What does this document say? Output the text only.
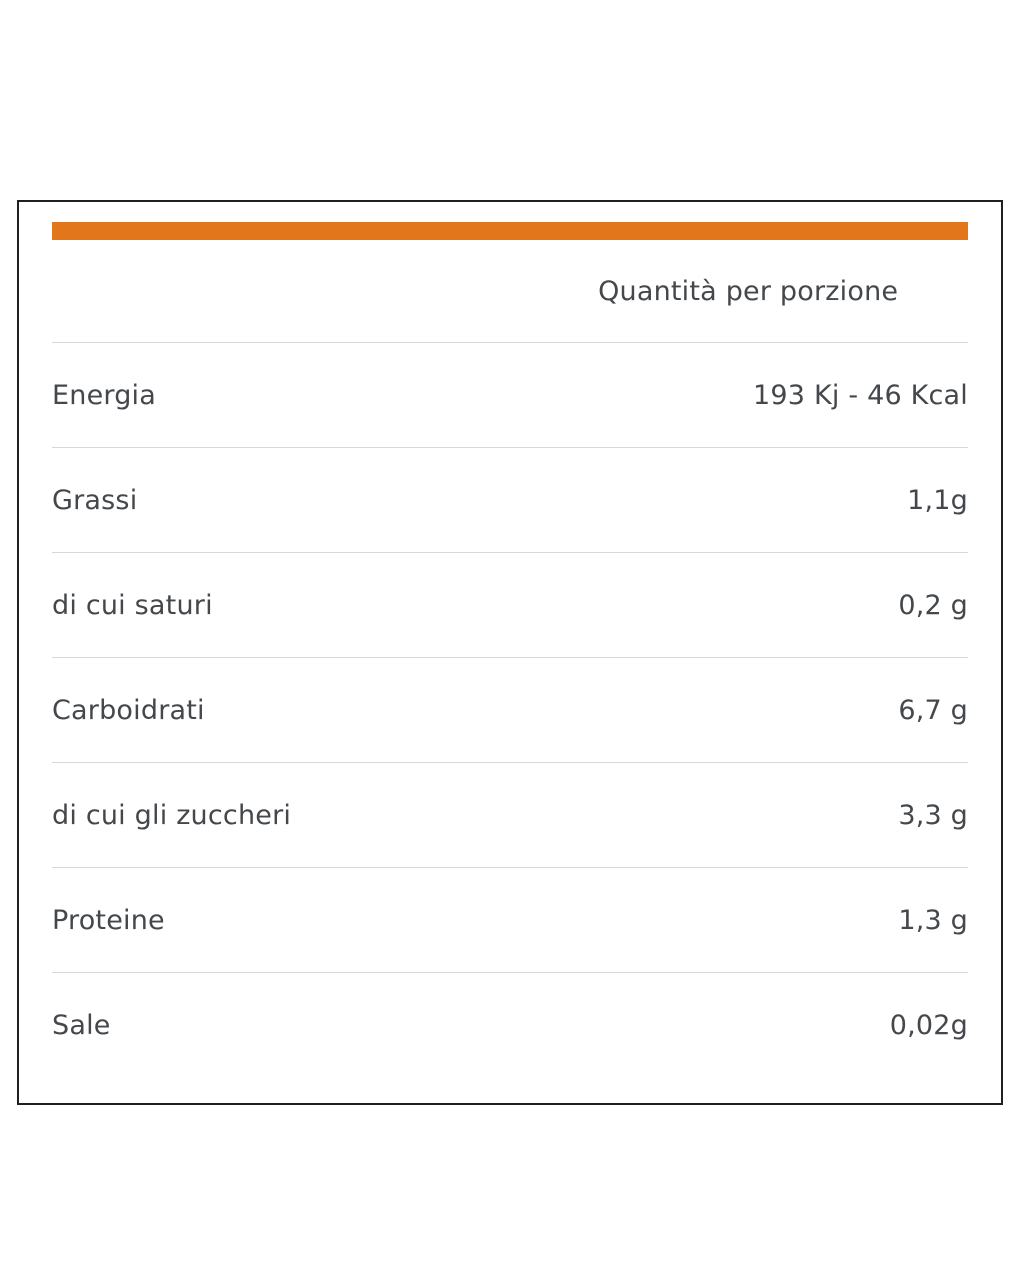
	Quantità per porzione
Energia	193 Kj - 46 Kcal
Grassi	1,1g
di cui saturi	0,2 g
Carboidrati	6,7 g
di cui gli zuccheri	3,3 g
Proteine	1,3 g
Sale	0,02g
